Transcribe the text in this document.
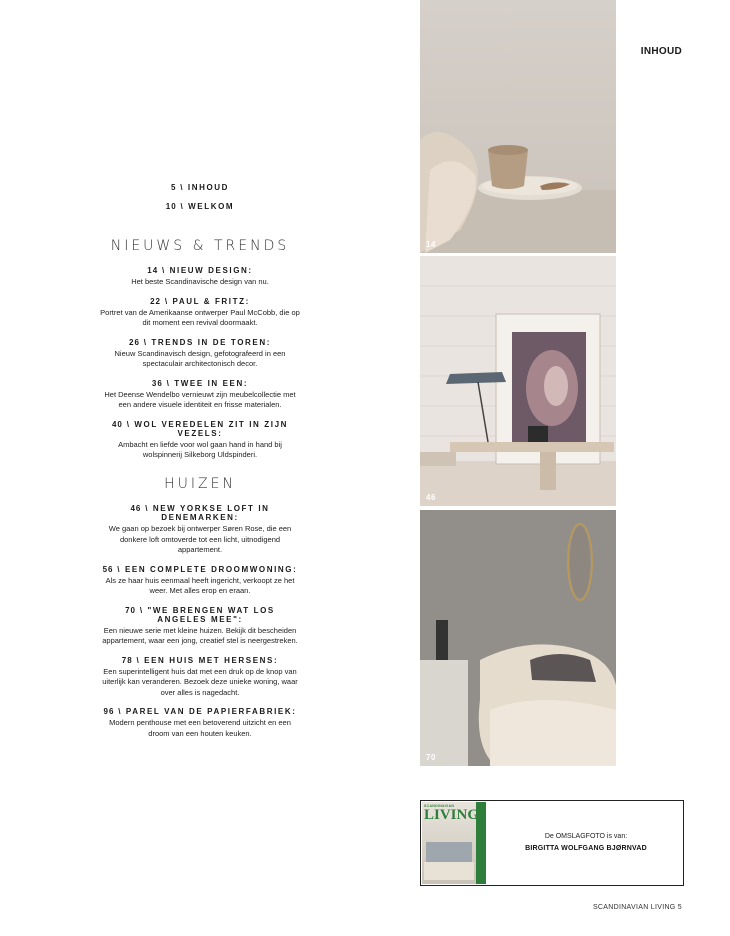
INHOUD
5 \ INHOUD
10 \ WELKOM
NIEUWS & TRENDS
14 \ NIEUW DESIGN:
Het beste Scandinavische design van nu.
22 \ PAUL & FRITZ:
Portret van de Amerikaanse ontwerper Paul McCobb, die op dit moment een revival doormaakt.
26 \ TRENDS IN DE TOREN:
Nieuw Scandinavisch design, gefotografeerd in een spectaculair architectonisch decor.
36 \ TWEE IN EEN:
Het Deense Wendelbo vernieuwt zijn meubelcollectie met een andere visuele identiteit en frisse materialen.
40 \ WOL VEREDELEN ZIT IN ZIJN VEZELS:
Ambacht en liefde voor wol gaan hand in hand bij wolspinnerij Silkeborg Uldspinderi.
HUIZEN
46 \ NEW YORKSE LOFT IN DENEMARKEN:
We gaan op bezoek bij ontwerper Søren Rose, die een donkere loft omtoverde tot een licht, uitnodigend appartement.
56 \ EEN COMPLETE DROOMWONING:
Als ze haar huis eenmaal heeft ingericht, verkoopt ze het weer. Met alles erop en eraan.
70 \ "WE BRENGEN WAT LOS ANGELES MEE":
Een nieuwe serie met kleine huizen. Bekijk dit bescheiden appartement, waar een jong, creatief stel is neergestreken.
78 \ EEN HUIS MET HERSENS:
Een superintelligent huis dat met een druk op de knop van uiterlijk kan veranderen. Bezoek deze unieke woning, waar over alles is nagedacht.
96 \ PAREL VAN DE PAPIERFABRIEK:
Modern penthouse met een betoverend uitzicht en een droom van een houten keuken.
14
46
70
SCANDINAVIAN
LIVING
De OMSLAGFOTO is van:
BIRGITTA WOLFGANG BJØRNVAD
SCANDINAVIAN LIVING 5
